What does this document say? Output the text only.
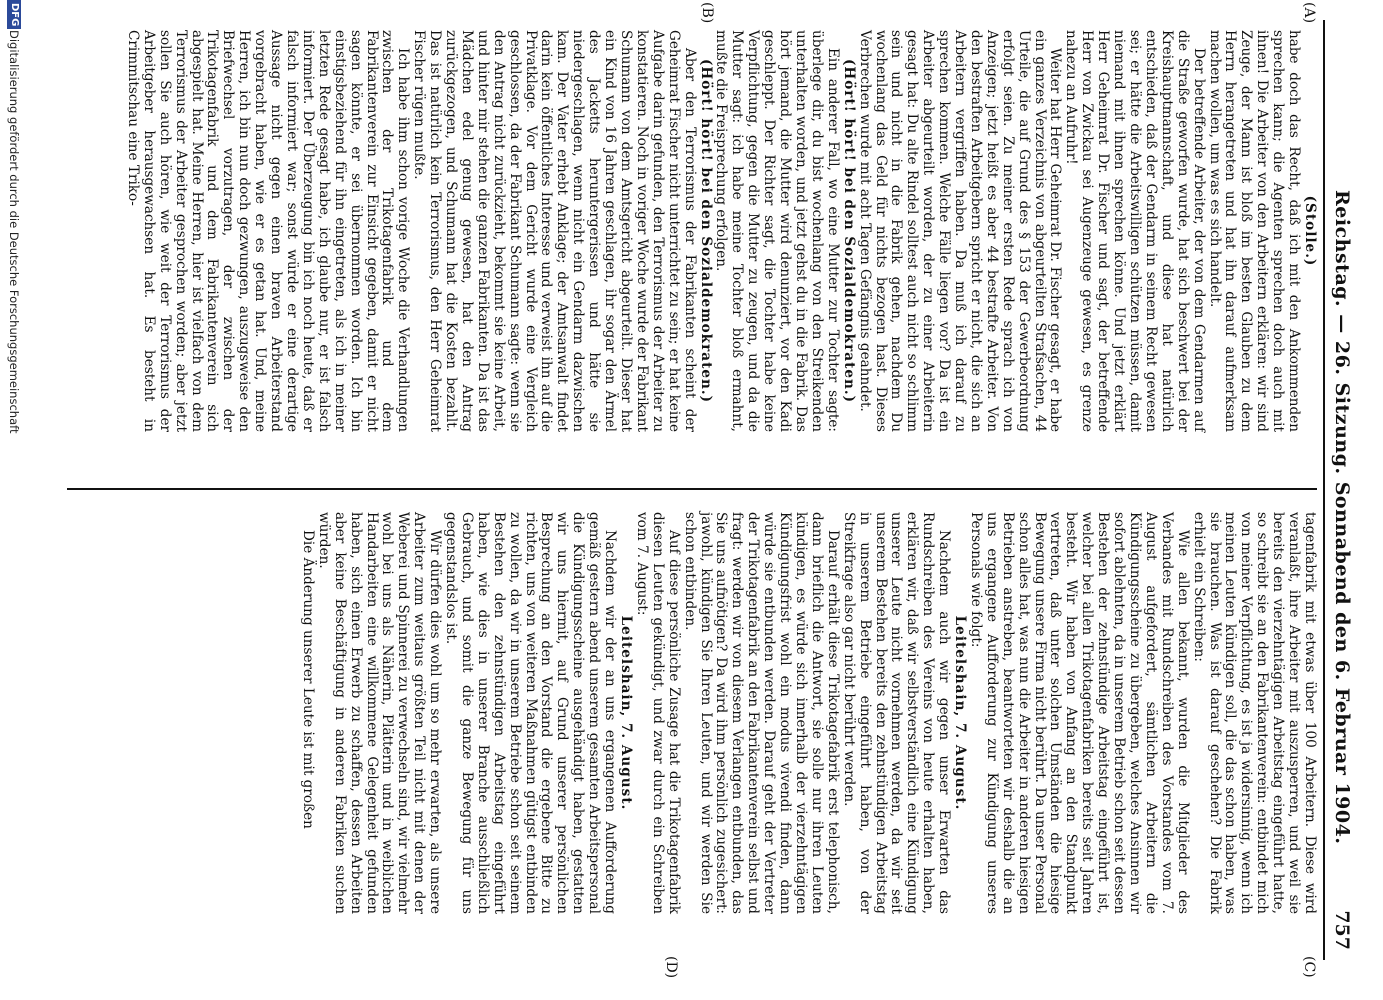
Reichstag. — 26. Sitzung. Sonnabend den 6. Februar 1904.
757
(A)
(B)
(C)
(D)

(Stolle.)

habe doch das Recht, daß ich mit den Ankommenden sprechen kann; die Agenten sprechen doch auch mit ihnen! Die Arbeiter von den Arbeitern erklären: wir sind Zeuge, der Mann ist bloß im besten Glauben zu dem Herrn herangetreten und hat ihn darauf aufmerksam machen wollen, um was es sich handelt.

Der betreffende Arbeiter, der von dem Gendarmen auf die Straße geworfen wurde, hat sich beschwert bei der Kreishauptmannschaft, und diese hat natürlich entschieden, daß der Gendarm in seinem Recht gewesen sei; er hätte die Arbeitswilligen schützen müssen, damit niemand mit ihnen sprechen könne. Und jetzt erklärt Herr Geheimrat Dr. Fischer und sagt, der betreffende Herr von Zwickau sei Augenzeuge gewesen, es grenze nahezu an Aufruhr!

Weiter hat Herr Geheimrat Dr. Fischer gesagt, er habe ein ganzes Verzeichnis von abgeurteilten Strafsachen, 44 Urteile, die auf Grund des § 153 der Gewerbeordnung erfolgt seien. Zu meiner ersten Rede sprach ich von Anzeigen; jetzt heißt es aber 44 bestrafte Arbeiter. Von den bestraften Arbeitgebern spricht er nicht, die sich an Arbeitern vergriffen haben. Da muß ich darauf zu sprechen kommen. Welche Fälle liegen vor? Da ist ein Arbeiter abgeurteilt worden, der zu einer Arbeiterin gesagt hat: Du alte Rindel solltest auch nicht so schlimm sein und nicht in die Fabrik gehen, nachdem Du wochenlang das Geld für nichts bezogen hast. Dieses Verbrechen wurde mit acht Tagen Gefängnis geahndet.

(Hört! hört! bei den Sozialdemokraten.)

Ein anderer Fall, wo eine Mutter zur Tochter sagte: überlege dir, du bist wochenlang von den Streikenden unterhalten worden, und jetzt gehst du in die Fabrik. Das hört jemand, die Mutter wird denunziert, vor den Kadi geschleppt. Der Richter sagt, die Tochter habe keine Verpflichtung, gegen die Mutter zu zeugen, und da die Mutter sagt: ich habe meine Tochter bloß ermahnt, mußte die Freisprechung erfolgen.

(Hört! hört! bei den Sozialdemokraten.)

Aber den Terrorismus der Fabrikanten scheint der Geheimrat Fischer nicht unterrichtet zu sein; er hat keine Aufgabe darin gefunden, den Terrorismus der Arbeiter zu konstatieren. Noch in voriger Woche wurde der Fabrikant Schumann von dem Amtsgericht abgeurteilt. Dieser hat ein Kind von 16 Jahren geschlagen, ihr sogar den Ärmel des Jacketts heruntergerissen und hätte sie niedergeschlagen, wenn nicht ein Gendarm dazwischen kam. Der Vater erhebt Anklage; der Amtsanwalt findet darin kein öffentliches Interesse und verweist ihn auf die Privatklage. Vor dem Gericht wurde eine Vergleich geschlossen, da der Fabrikant Schumann sagte: wenn sie den Antrag nicht zurückzieht, bekommt sie keine Arbeit, und hinter mir stehen die ganzen Fabrikanten. Da ist das Mädchen edel genug gewesen, hat den Antrag zurückgezogen, und Schumann hat die Kosten bezahlt. Das ist natürlich kein Terrorismus, den Herr Geheimrat Fischer rügen mußte.

Ich habe ihm schon vorige Woche die Verhandlungen zwischen der Trikotagenfabrik und dem Fabrikantenverein zur Einsicht gegeben, damit er nicht sagen könnte, er sei übernommen worden. Ich bin einstigsbeziehend für ihn eingetreten, als ich in meiner letzten Rede gesagt habe, ich glaube nur, er ist falsch informiert. Der Überzeugung bin ich noch heute, daß er falsch informiert war; sonst würde er eine derartige Aussage nicht gegen einen braven Arbeiterstand vorgebracht haben, wie er es getan hat. Und, meine Herren, ich bin nun doch gezwungen, auszugsweise den Briefwechsel vorzutragen, der zwischen der Trikotagenfabrik und dem Fabrikantenverein sich abgespielt hat. Meine Herren, hier ist vielfach von dem Terrorismus der Arbeiter gesprochen worden; aber jetzt sollen Sie auch hören, wie weit der Terrorismus der Arbeitgeber herausgewachsen hat. Es besteht in Crimmitschau eine Triko-

tagenfabrik mit etwas über 100 Arbeitern. Diese wird veranlaßt, ihre Arbeiter mit auszusperren, und weil sie bereits den vierzehntägigen Arbeitstag eingeführt hatte, so schreibt sie an den Fabrikantenverein: entbindet mich von meiner Verpflichtung, es ist ja widersinnig, wenn ich meinen Leuten kündigen soll, die das schon haben, was sie brauchen. Was ist darauf geschehen? Die Fabrik erhielt ein Schreiben:

Wie allen bekannt, wurden die Mitglieder des Verbandes mit Rundschreiben des Vorstandes vom 7. August aufgefordert, sämtlichen Arbeitern die Kündigungsscheine zu übergeben, welches Ansinnen wir sofort ablehnten, da in unserem Betrieb schon seit dessen Bestehen der zehnstündige Arbeitstag eingeführt ist, welcher bei allen Trikotagenfabriken bereits seit Jahren besteht. Wir haben von Anfang an den Standpunkt vertreten, daß unter solchen Umständen die hiesige Bewegung unsere Firma nicht berührt. Da unser Personal schon alles hat, was nun die Arbeiter in anderen hiesigen Betrieben anstreben, beantworteten wir deshalb die an uns ergangene Aufforderung zur Kündigung unseres Personals wie folgt:

Leitelshain, 7. August.

Nachdem auch wir gegen unser Erwarten das Rundschreiben des Vereins von heute erhalten haben, erklären wir, daß wir selbstverständlich eine Kündigung unserer Leute nicht vornehmen werden, da wir seit unserem Bestehen bereits den zehnstündigen Arbeitstag in unserem Betriebe eingeführt haben, von der Streikfrage also gar nicht berührt werden.

Darauf erhält diese Trikotagefabrik erst telephonisch, dann brieflich die Antwort, sie solle nur ihren Leuten kündigen, es würde sich innerhalb der vierzehntägigen Kündigungsfrist wohl ein modus vivendi finden, dann würde sie entbunden werden. Darauf geht der Vertreter der Trikotagenfabrik an den Fabrikantenverein selbst und fragt: werden wir von diesem Verlangen entbunden, das Sie uns aufnötigen? Da wird ihm persönlich zugesichert: jawohl, kündigen Sie Ihren Leuten, und wir werden Sie schon entbinden.

Auf diese persönliche Zusage hat die Trikotagenfabrik diesen Leuten gekündigt, und zwar durch ein Schreiben vom 7. August:

Leitelshain, 7. August.

Nachdem wir der an uns ergangenen Aufforderung gemäß gestern abend unserem gesamten Arbeitspersonal die Kündigungsscheine ausgehändigt haben, gestatten wir uns hiermit, auf Grund unserer persönlichen Besprechung an den Vorstand die ergebene Bitte zu richten, uns von weiteren Maßnahmen gütigst entbinden zu wollen, da wir in unserem Betriebe schon seit seinem Bestehen den zehnstündigen Arbeitstag eingeführt haben, wie dies in unserer Branche ausschließlich Gebrauch, und somit die ganze Bewegung für uns gegenstandslos ist.

Wir dürfen dies wohl um so mehr erwarten, als unsere Arbeiter zum weitaus größten Teil nicht mit denen der Weberei und Spinnerei zu verwechseln sind, wir vielmehr wohl bei uns als Näherin, Plätterin und in weiblichen Handarbeiten eine willkommene Gelegenheit gefunden haben, sich einen Erwerb zu schaffen, dessen Arbeiten aber keine Beschäftigung in anderen Fabriken suchen würden.

Die Änderung unserer Leute ist mit großen

DFG
Digitalisierung gefördert durch die Deutsche Forschungsgemeinschaft
